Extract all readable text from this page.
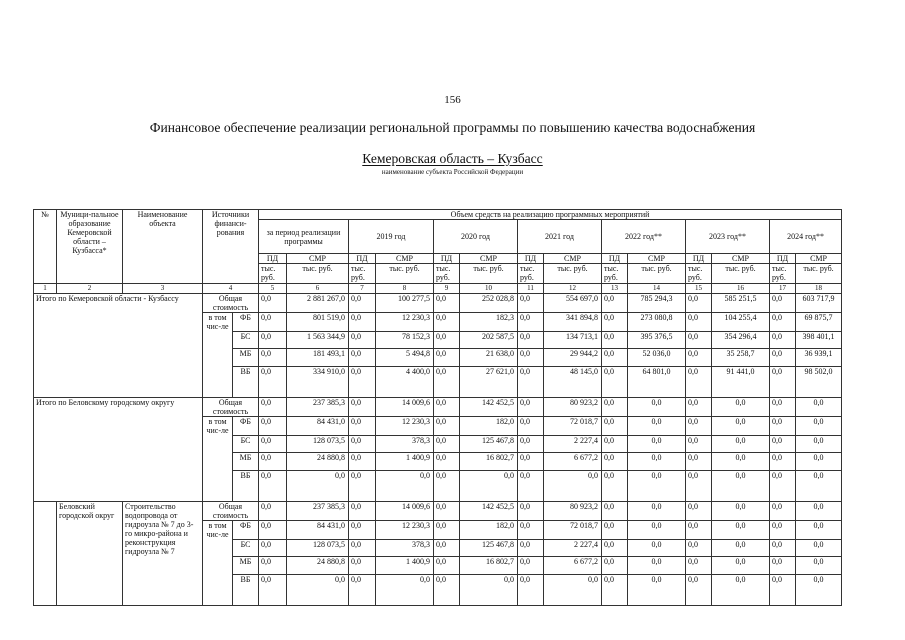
156
Финансовое обеспечение реализации региональной программы по повышению качества водоснабжения
Кемеровская область – Кузбасс
наименование субъекта Российской Федерации
№	Муници-пальное образование Кемеровской области – Кузбасса*	Наименование объекта	Источники финанси-рования		Объем средств на реализацию программных мероприятий													
					за период реализации программы		2019 год		2020 год		2021 год		2022 год**		2023 год**		2024 год**	
					ПД	СМР	ПД	СМР	ПД	СМР	ПД	СМР	ПД	СМР	ПД	СМР	ПД	СМР
					тыс. руб.	тыс. руб.	тыс. руб.	тыс. руб.	тыс. руб.	тыс. руб.	тыс. руб.	тыс. руб.	тыс. руб.	тыс. руб.	тыс. руб.	тыс. руб.	тыс. руб.	тыс. руб.
1	2	3	4		5	6	7	8	9	10	11	12	13	14	15	16	17	18
Итого по Кемеровской области - Кузбассу			Общая стоимость		0,0	2 881 267,0	0,0	100 277,5	0,0	252 028,8	0,0	554 697,0	0,0	785 294,3	0,0	585 251,5	0,0	603 717,9
			в том чис-ле	ФБ	0,0	801 519,0	0,0	12 230,3	0,0	182,3	0,0	341 894,8	0,0	273 080,8	0,0	104 255,4	0,0	69 875,7
				БС	0,0	1 563 344,9	0,0	78 152,3	0,0	202 587,5	0,0	134 713,1	0,0	395 376,5	0,0	354 296,4	0,0	398 401,1
				МБ	0,0	181 493,1	0,0	5 494,8	0,0	21 638,0	0,0	29 944,2	0,0	52 036,0	0,0	35 258,7	0,0	36 939,1
				ВБ	0,0	334 910,0	0,0	4 400,0	0,0	27 621,0	0,0	48 145,0	0,0	64 801,0	0,0	91 441,0	0,0	98 502,0
Итого по Беловскому городскому округу			Общая стоимость		0,0	237 385,3	0,0	14 009,6	0,0	142 452,5	0,0	80 923,2	0,0	0,0	0,0	0,0	0,0	0,0
			в том чис-ле	ФБ	0,0	84 431,0	0,0	12 230,3	0,0	182,0	0,0	72 018,7	0,0	0,0	0,0	0,0	0,0	0,0
				БС	0,0	128 073,5	0,0	378,3	0,0	125 467,8	0,0	2 227,4	0,0	0,0	0,0	0,0	0,0	0,0
				МБ	0,0	24 880,8	0,0	1 400,9	0,0	16 802,7	0,0	6 677,2	0,0	0,0	0,0	0,0	0,0	0,0
				ВБ	0,0	0,0	0,0	0,0	0,0	0,0	0,0	0,0	0,0	0,0	0,0	0,0	0,0	0,0
	Беловский городской округ	Строительство водопровода от гидроузла № 7 до 3-го микро-района и реконструкция гидроузла № 7	Общая стоимость		0,0	237 385,3	0,0	14 009,6	0,0	142 452,5	0,0	80 923,2	0,0	0,0	0,0	0,0	0,0	0,0
			в том чис-ле	ФБ	0,0	84 431,0	0,0	12 230,3	0,0	182,0	0,0	72 018,7	0,0	0,0	0,0	0,0	0,0	0,0
				БС	0,0	128 073,5	0,0	378,3	0,0	125 467,8	0,0	2 227,4	0,0	0,0	0,0	0,0	0,0	0,0
				МБ	0,0	24 880,8	0,0	1 400,9	0,0	16 802,7	0,0	6 677,2	0,0	0,0	0,0	0,0	0,0	0,0
				ВБ	0,0	0,0	0,0	0,0	0,0	0,0	0,0	0,0	0,0	0,0	0,0	0,0	0,0	0,0
